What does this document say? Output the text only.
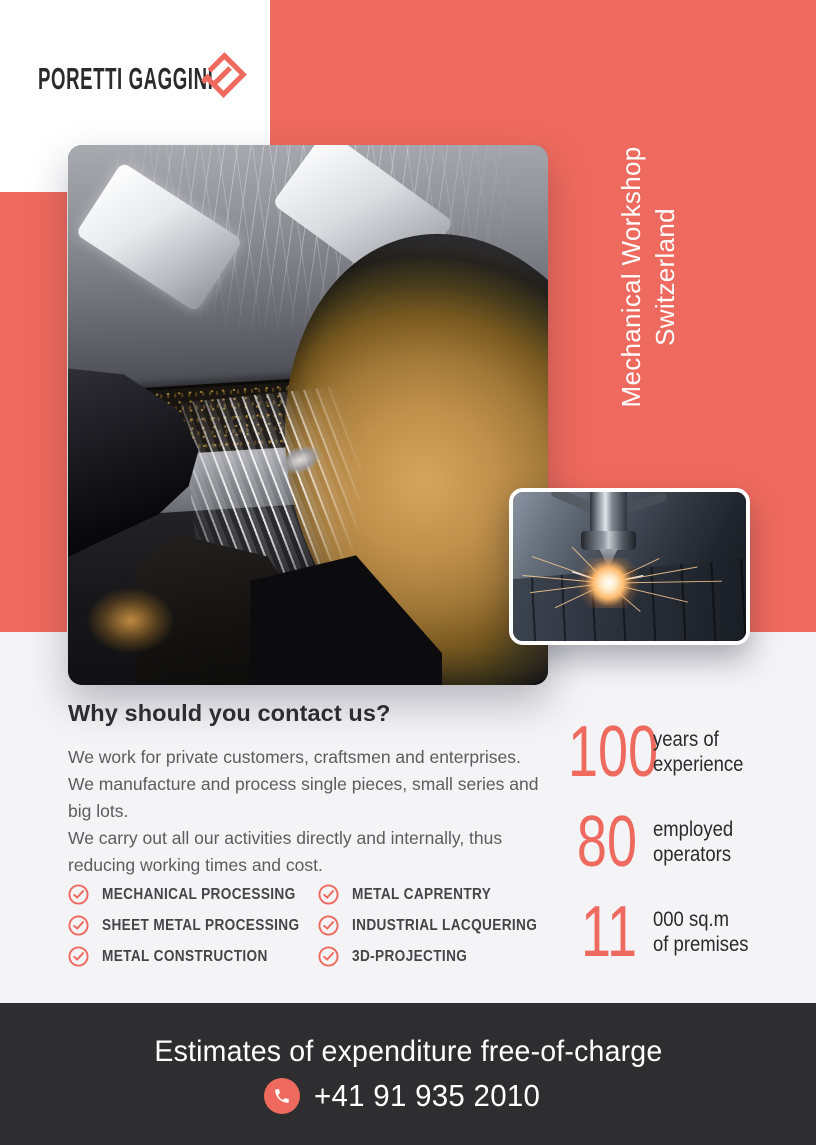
PORETTI GAGGINI
Mechanical Workshop Switzerland
Why should you contact us?

We work for private customers, craftsmen and enterprises. We manufacture and process single pieces, small series and big lots.

We carry out all our activities directly and internally, thus reducing working times and cost.

MECHANICAL PROCESSING
SHEET METAL PROCESSING
METAL CONSTRUCTION
METAL CAPRENTRY
INDUSTRIAL LACQUERING
3D-PROJECTING
100
years of
experience
80 employed
operators
11 000 sq.m
of premises
Estimates of expenditure free-of-charge
+41 91 935 2010
